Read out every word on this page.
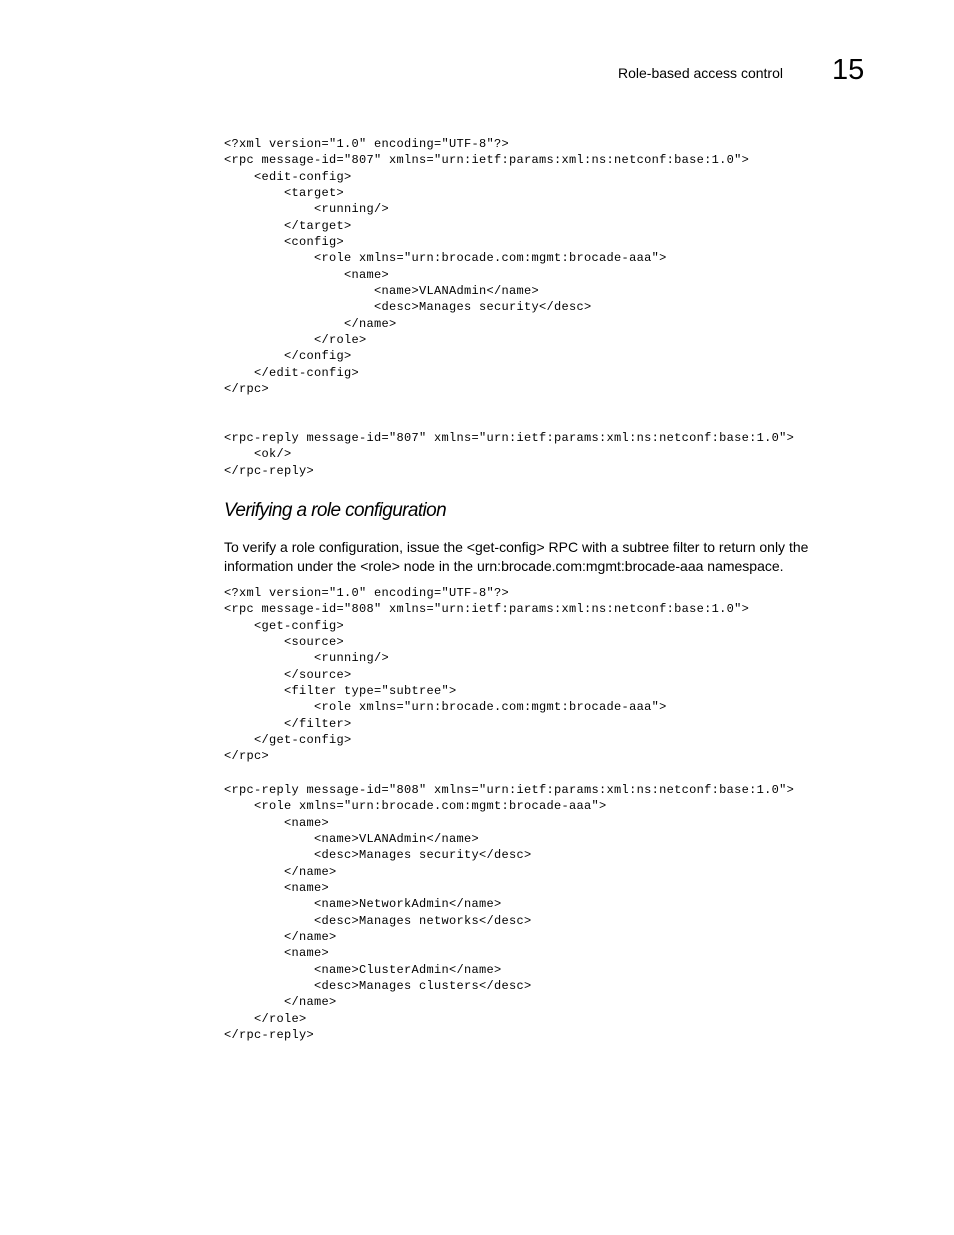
Role-based access control 15
<?xml version="1.0" encoding="UTF-8"?>
<rpc message-id="807" xmlns="urn:ietf:params:xml:ns:netconf:base:1.0">
<edit-config>
<target>
<running/>
</target>
<config>
<role xmlns="urn:brocade.com:mgmt:brocade-aaa">
<name>
<name>VLANAdmin</name>
<desc>Manages security</desc>
</name>
</role>
</config>
</edit-config>
</rpc>
<rpc-reply message-id="807" xmlns="urn:ietf:params:xml:ns:netconf:base:1.0">
<ok/>
</rpc-reply>
Verifying a role configuration

To verify a role configuration, issue the <get-config> RPC with a subtree filter to return only the information under the <role> node in the urn:brocade.com:mgmt:brocade-aaa namespace.

<?xml version="1.0" encoding="UTF-8"?>
<rpc message-id="808" xmlns="urn:ietf:params:xml:ns:netconf:base:1.0">
<get-config>
<source>
<running/>
</source>
<filter type="subtree">
<role xmlns="urn:brocade.com:mgmt:brocade-aaa">
</filter>
</get-config>
</rpc>
<rpc-reply message-id="808" xmlns="urn:ietf:params:xml:ns:netconf:base:1.0">
<role xmlns="urn:brocade.com:mgmt:brocade-aaa">
<name>
<name>VLANAdmin</name>
<desc>Manages security</desc>
</name>
<name>
<name>NetworkAdmin</name>
<desc>Manages networks</desc>
</name>
<name>
<name>ClusterAdmin</name>
<desc>Manages clusters</desc>
</name>
</role>
</rpc-reply>
